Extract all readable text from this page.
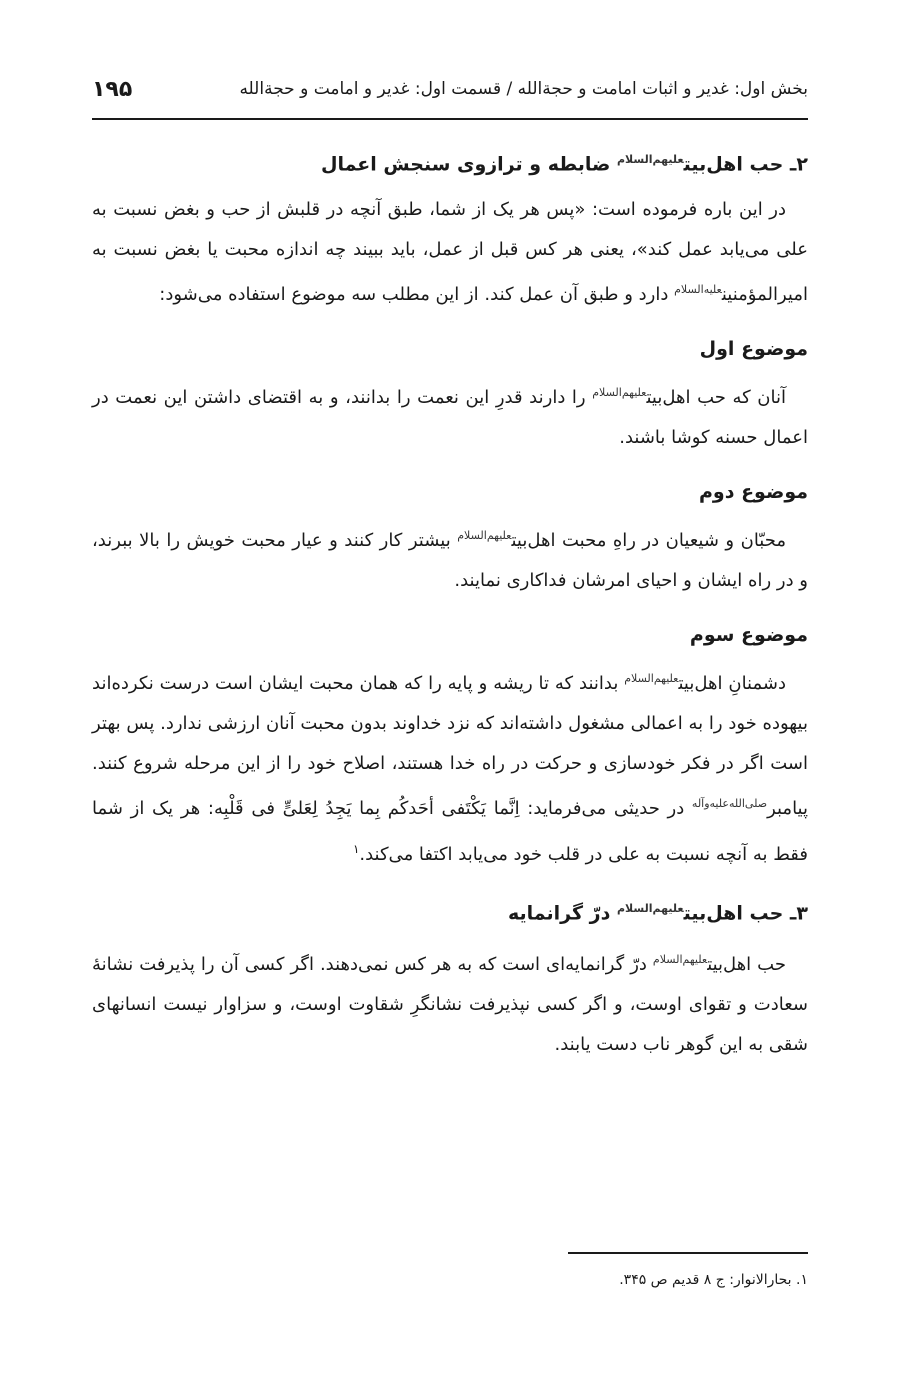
بخش اول: غدیر و اثبات امامت و حجةالله / قسمت اول: غدیر و امامت و حجةالله
۱۹۵
۲ـ حب اهل‌بیت$^{علیهم‌السلام}$ ضابطه و ترازوی سنجش اعمال

در این باره فرموده است: «پس هر یک از شما، طبق آنچه در قلبش از حب و بغض نسبت به علی می‌یابد عمل کند»، یعنی هر کس قبل از عمل، باید ببیند چه اندازه محبت یا بغض نسبت به امیرالمؤمنین$^{علیه‌السلام}$ دارد و طبق آن عمل کند. از این مطلب سه موضوع استفاده می‌شود:

موضوع اول

آنان که حب اهل‌بیت$^{علیهم‌السلام}$ را دارند قدرِ این نعمت را بدانند، و به اقتضای داشتن این نعمت در اعمال حسنه کوشا باشند.

موضوع دوم

محبّان و شیعیان در راهِ محبت اهل‌بیت$^{علیهم‌السلام}$ بیشتر کار کنند و عیار محبت خویش را بالا ببرند، و در راه ایشان و احیای امرشان فداکاری نمایند.

موضوع سوم

دشمنانِ اهل‌بیت$^{علیهم‌السلام}$ بدانند که تا ریشه و پایه را که همان محبت ایشان است درست نکرده‌اند بیهوده خود را به اعمالی مشغول داشته‌اند که نزد خداوند بدون محبت آنان ارزشی ندارد. پس بهتر است اگر در فکر خودسازی و حرکت در راه خدا هستند، اصلاح خود را از این مرحله شروع کنند. پیامبر$^{صلی‌الله‌علیه‌وآله}$ در حدیثی می‌فرماید: اِنَّما یَکْتَفی أحَدکُم بِما یَجِدُ لِعَلیٍّ فی قَلْبِه: هر یک از شما فقط به آنچه نسبت به علی در قلب خود می‌یابد اکتفا می‌کند.$^۱$

۳ـ حب اهل‌بیت$^{علیهم‌السلام}$ درّ گرانمایه

حب اهل‌بیت$^{علیهم‌السلام}$ درّ گرانمایه‌ای است که به هر کس نمی‌دهند. اگر کسی آن را پذیرفت نشانهٔ سعادت و تقوای اوست، و اگر کسی نپذیرفت نشانگرِ شقاوت اوست، و سزاوار نیست انسانهای شقی به این گوهر ناب دست یابند.

۱. بحارالانوار: ج ۸ قدیم ص ۳۴۵.
